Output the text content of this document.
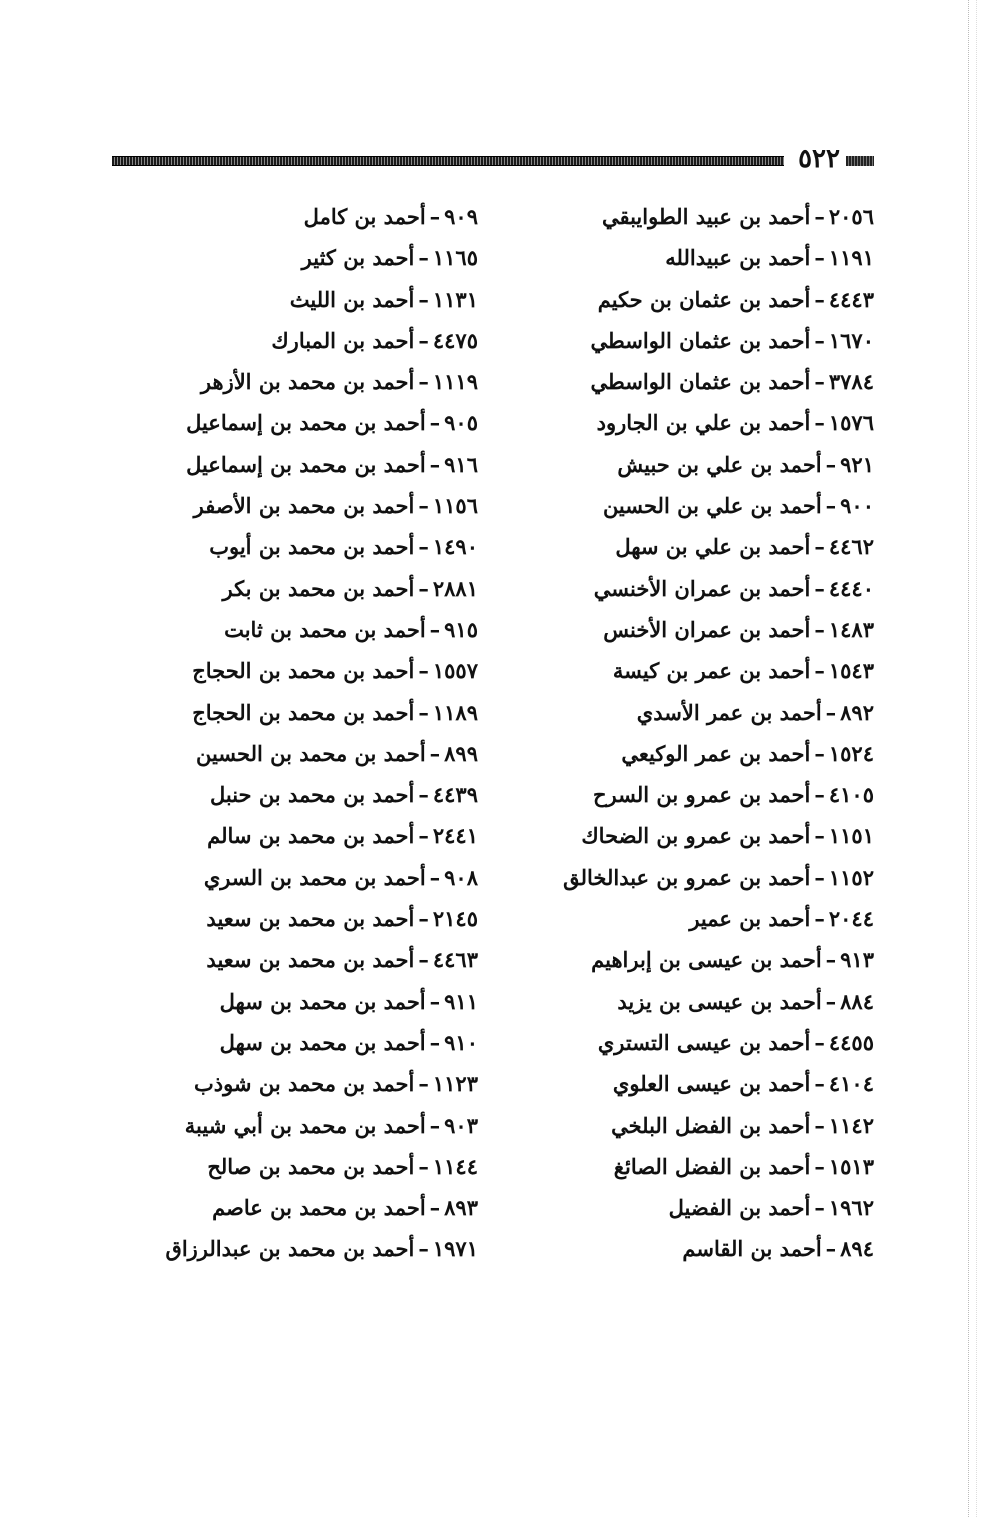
٥٢٢
٢٠٥٦–أحمد بن عبيد الطوايبقي
١١٩١–أحمد بن عبيدالله
٤٤٤٣–أحمد بن عثمان بن حكيم
١٦٧٠–أحمد بن عثمان الواسطي
٣٧٨٤–أحمد بن عثمان الواسطي
١٥٧٦–أحمد بن علي بن الجارود
٩٢١–أحمد بن علي بن حبيش
٩٠٠–أحمد بن علي بن الحسين
٤٤٦٢–أحمد بن علي بن سهل
٤٤٤٠–أحمد بن عمران الأخنسي
١٤٨٣–أحمد بن عمران الأخنس
١٥٤٣–أحمد بن عمر بن كيسة
٨٩٢–أحمد بن عمر الأسدي
١٥٢٤–أحمد بن عمر الوكيعي
٤١٠٥–أحمد بن عمرو بن السرح
١١٥١–أحمد بن عمرو بن الضحاك
١١٥٢–أحمد بن عمرو بن عبدالخالق
٢٠٤٤–أحمد بن عمير
٩١٣–أحمد بن عيسى بن إبراهيم
٨٨٤–أحمد بن عيسى بن يزيد
٤٤٥٥–أحمد بن عيسى التستري
٤١٠٤–أحمد بن عيسى العلوي
١١٤٢–أحمد بن الفضل البلخي
١٥١٣–أحمد بن الفضل الصائغ
١٩٦٢–أحمد بن الفضيل
٨٩٤–أحمد بن القاسم
٩٠٩–أحمد بن كامل
١١٦٥–أحمد بن كثير
١١٣١–أحمد بن الليث
٤٤٧٥–أحمد بن المبارك
١١١٩–أحمد بن محمد بن الأزهر
٩٠٥–أحمد بن محمد بن إسماعيل
٩١٦–أحمد بن محمد بن إسماعيل
١١٥٦–أحمد بن محمد بن الأصفر
١٤٩٠–أحمد بن محمد بن أيوب
٢٨٨١–أحمد بن محمد بن بكر
٩١٥–أحمد بن محمد بن ثابت
١٥٥٧–أحمد بن محمد بن الحجاج
١١٨٩–أحمد بن محمد بن الحجاج
٨٩٩–أحمد بن محمد بن الحسين
٤٤٣٩–أحمد بن محمد بن حنبل
٢٤٤١–أحمد بن محمد بن سالم
٩٠٨–أحمد بن محمد بن السري
٢١٤٥–أحمد بن محمد بن سعيد
٤٤٦٣–أحمد بن محمد بن سعيد
٩١١–أحمد بن محمد بن سهل
٩١٠–أحمد بن محمد بن سهل
١١٢٣–أحمد بن محمد بن شوذب
٩٠٣–أحمد بن محمد بن أبي شيبة
١١٤٤–أحمد بن محمد بن صالح
٨٩٣–أحمد بن محمد بن عاصم
١٩٧١–أحمد بن محمد بن عبدالرزاق
